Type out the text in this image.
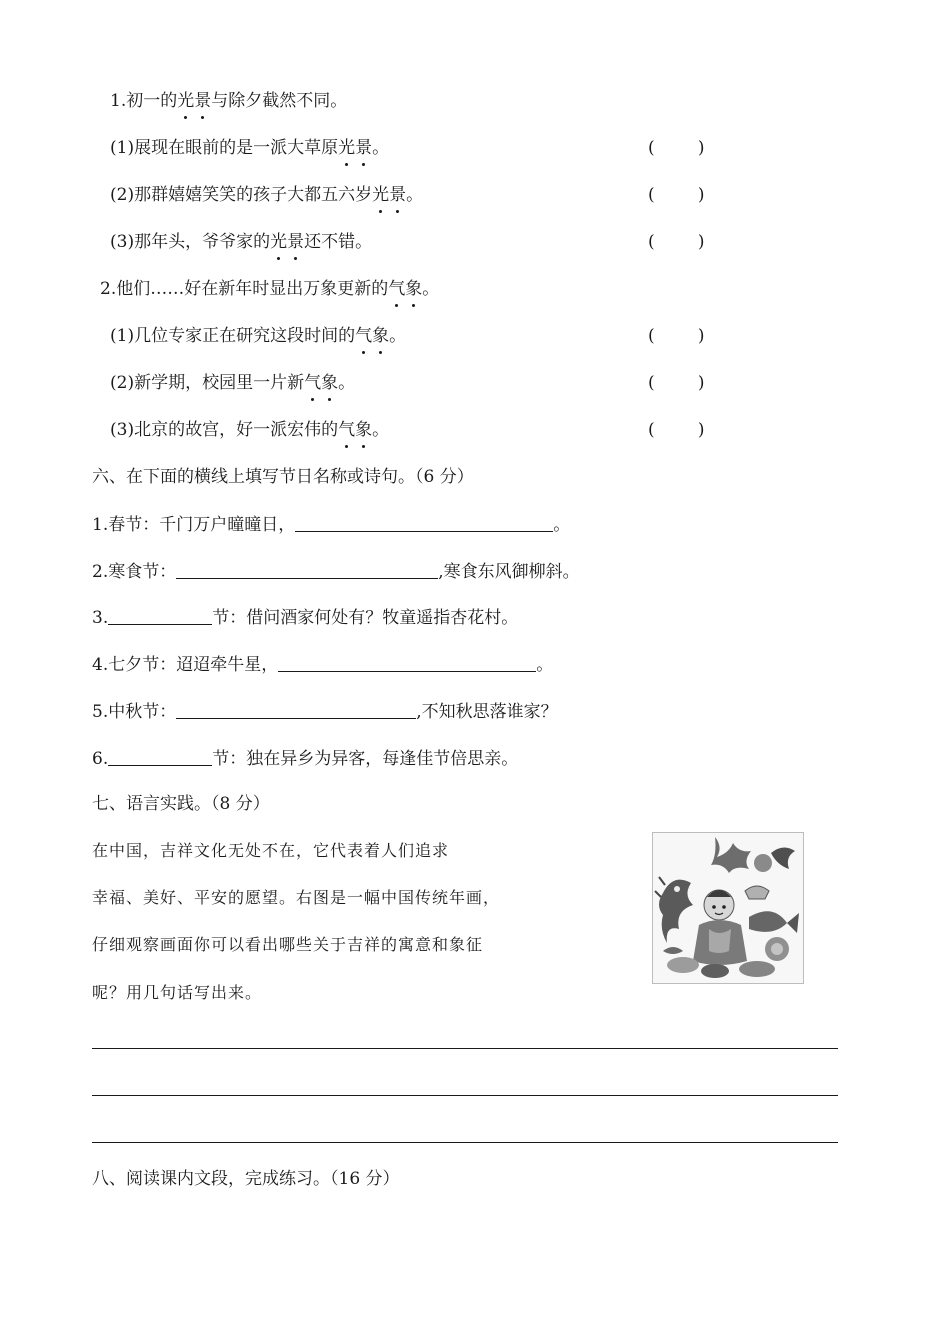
1.初一的光景与除夕截然不同。
(1)展现在眼前的是一派大草原光景。	(	)
(2)那群嬉嬉笑笑的孩子大都五六岁光景。	(	)
(3)那年头，爷爷家的光景还不错。	(	)
2.他们……好在新年时显出万象更新的气象。
(1)几位专家正在研究这段时间的气象。	(	)
(2)新学期，校园里一片新气象。	(	)
(3)北京的故宫，好一派宏伟的气象。	(	)
六、在下面的横线上填写节日名称或诗句。（6 分）
1.春节：千门万户曈曈日，	。
2.寒食节：	,寒食东风御柳斜。
3.	节：借问酒家何处有？牧童遥指杏花村。
4.七夕节：迢迢牵牛星，	。
5.中秋节：	,不知秋思落谁家？
6.	节：独在异乡为异客，每逢佳节倍思亲。
七、语言实践。（8 分）
在中国，吉祥文化无处不在，它代表着人们追求
幸福、美好、平安的愿望。右图是一幅中国传统年画，
仔细观察画面你可以看出哪些关于吉祥的寓意和象征
呢？用几句话写出来。
八、阅读课内文段，完成练习。（16 分）
